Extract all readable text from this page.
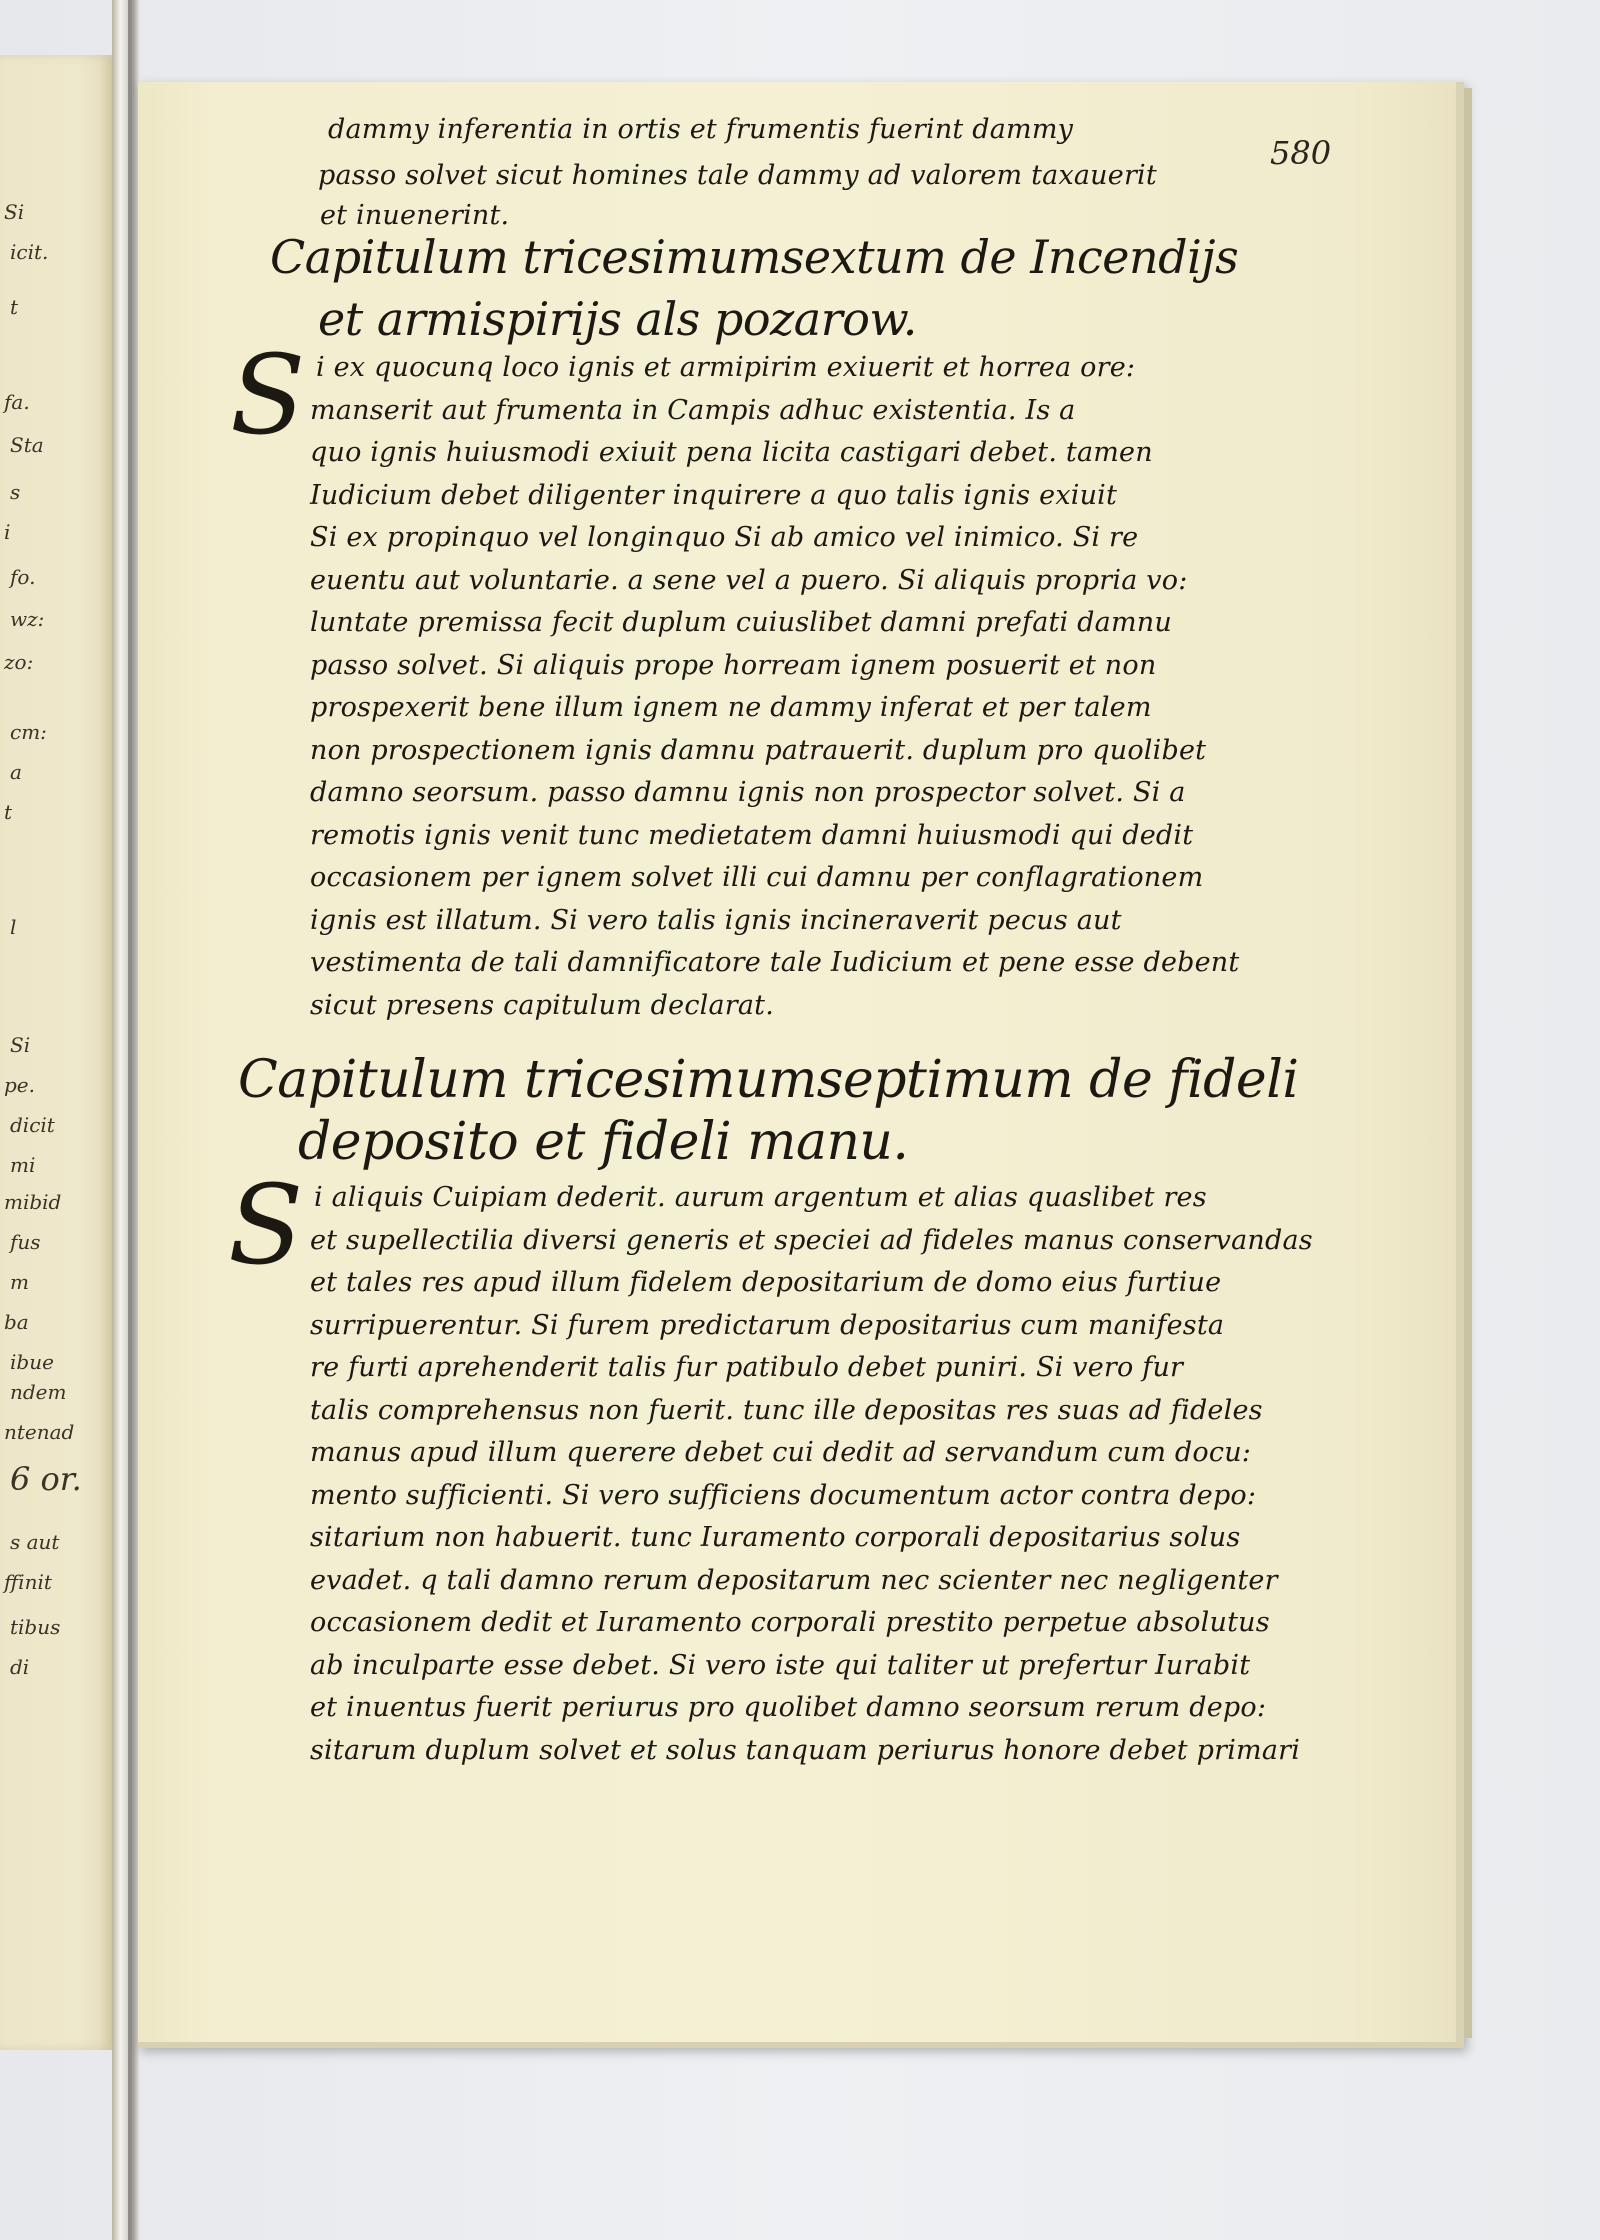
Si
icit.
t
fa.
Sta
s
i
fo.
wz:
zo:
cm:
a
t
l
Si
pe.
dicit
mi
mibid
fus
m
ba
ibue
ndem
ntenad
6 or.
s aut
ffinit
tibus
di
580
dammy inferentia in ortis et frumentis fuerint dammy
passo solvet sicut homines tale dammy ad valorem taxauerit
et inuenerint.
Capitulum tricesimumsextum de Incendijs
et armispirijs als pozarow.
S i ex quocunq loco ignis et armipirim exiuerit et horrea ore:
manserit aut frumenta in Campis adhuc existentia. Is a
quo ignis huiusmodi exiuit pena licita castigari debet. tamen
Iudicium debet diligenter inquirere a quo talis ignis exiuit
Si ex propinquo vel longinquo Si ab amico vel inimico. Si re
euentu aut voluntarie. a sene vel a puero. Si aliquis propria vo:
luntate premissa fecit duplum cuiuslibet damni prefati damnu
passo solvet. Si aliquis prope horream ignem posuerit et non
prospexerit bene illum ignem ne dammy inferat et per talem
non prospectionem ignis damnu patrauerit. duplum pro quolibet
damno seorsum. passo damnu ignis non prospector solvet. Si a
remotis ignis venit tunc medietatem damni huiusmodi qui dedit
occasionem per ignem solvet illi cui damnu per conflagrationem
ignis est illatum. Si vero talis ignis incineraverit pecus aut
vestimenta de tali damnificatore tale Iudicium et pene esse debent
sicut presens capitulum declarat.
Capitulum tricesimumseptimum de fideli
deposito et fideli manu.
S i aliquis Cuipiam dederit. aurum argentum et alias quaslibet res
et supellectilia diversi generis et speciei ad fideles manus conservandas
et tales res apud illum fidelem depositarium de domo eius furtiue
surripuerentur. Si furem predictarum depositarius cum manifesta
re furti aprehenderit talis fur patibulo debet puniri. Si vero fur
talis comprehensus non fuerit. tunc ille depositas res suas ad fideles
manus apud illum querere debet cui dedit ad servandum cum docu:
mento sufficienti. Si vero sufficiens documentum actor contra depo:
sitarium non habuerit. tunc Iuramento corporali depositarius solus
evadet. q tali damno rerum depositarum nec scienter nec negligenter
occasionem dedit et Iuramento corporali prestito perpetue absolutus
ab inculparte esse debet. Si vero iste qui taliter ut prefertur Iurabit
et inuentus fuerit periurus pro quolibet damno seorsum rerum depo:
sitarum duplum solvet et solus tanquam periurus honore debet primari
